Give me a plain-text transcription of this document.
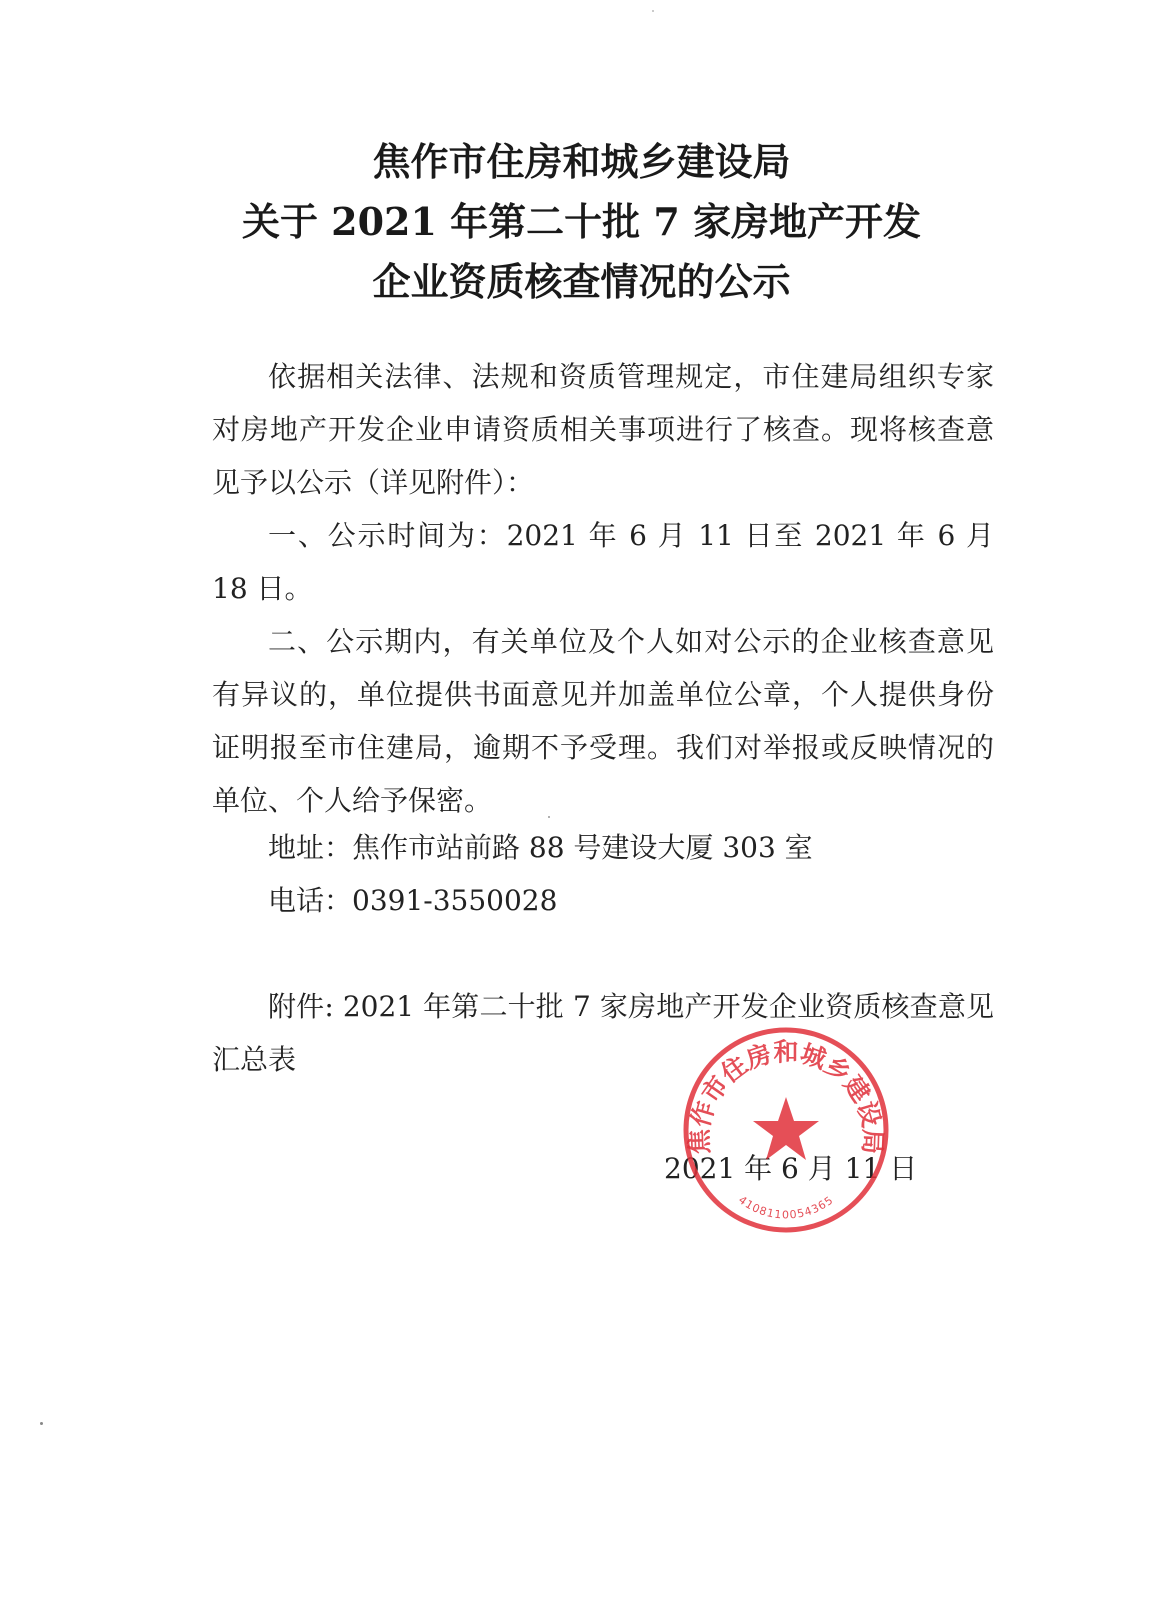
焦作市住房和城乡建设局
关于 2021 年第二十批 7 家房地产开发
企业资质核查情况的公示
依据相关法律、法规和资质管理规定，市住建局组织专家对房地产开发企业申请资质相关事项进行了核查。现将核查意见予以公示（详见附件）：
一、公示时间为：2021 年 6 月 11 日至 2021 年 6 月 18 日。
二、公示期内，有关单位及个人如对公示的企业核查意见有异议的，单位提供书面意见并加盖单位公章，个人提供身份证明报至市住建局，逾期不予受理。我们对举报或反映情况的单位、个人给予保密。
地址：焦作市站前路 88 号建设大厦 303 室
电话：0391-3550028
附件: 2021 年第二十批 7 家房地产开发企业资质核查意见汇总表
2021 年 6 月 11 日
焦作市住房和城乡建设局
4108110054365
